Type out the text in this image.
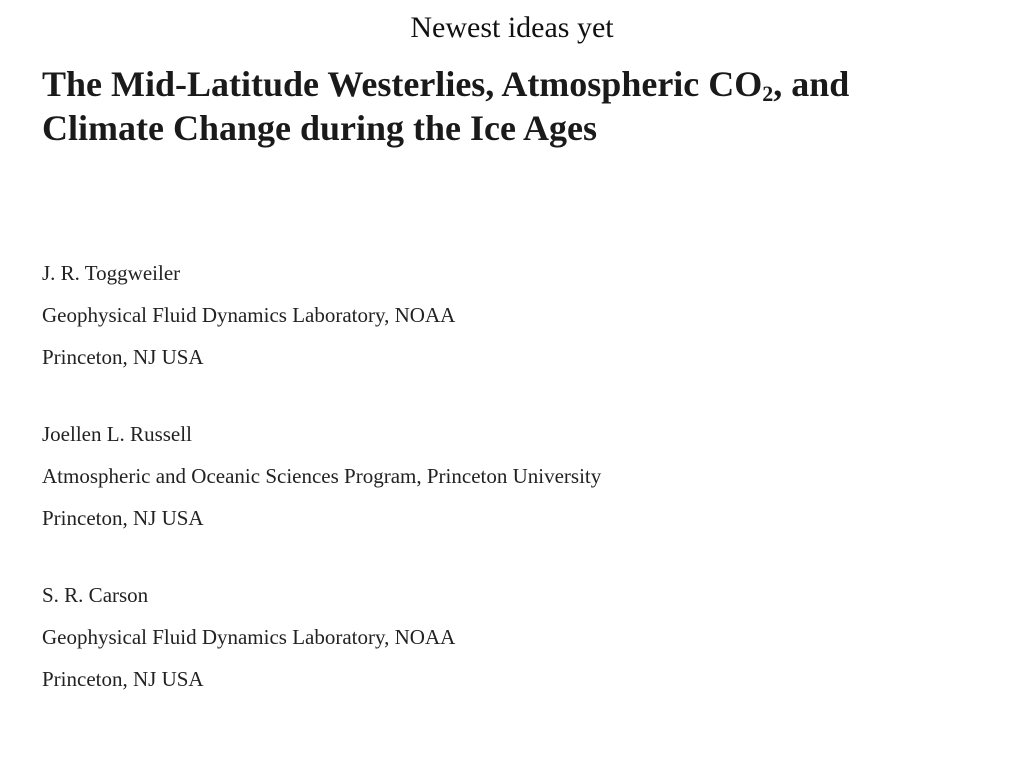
Newest ideas yet
The Mid-Latitude Westerlies, Atmospheric $CO_2$, and
Climate Change during the Ice Ages
J. R. Toggweiler
Geophysical Fluid Dynamics Laboratory, NOAA
Princeton, NJ USA
Joellen L. Russell
Atmospheric and Oceanic Sciences Program, Princeton University
Princeton, NJ USA
S. R. Carson
Geophysical Fluid Dynamics Laboratory, NOAA
Princeton, NJ USA
